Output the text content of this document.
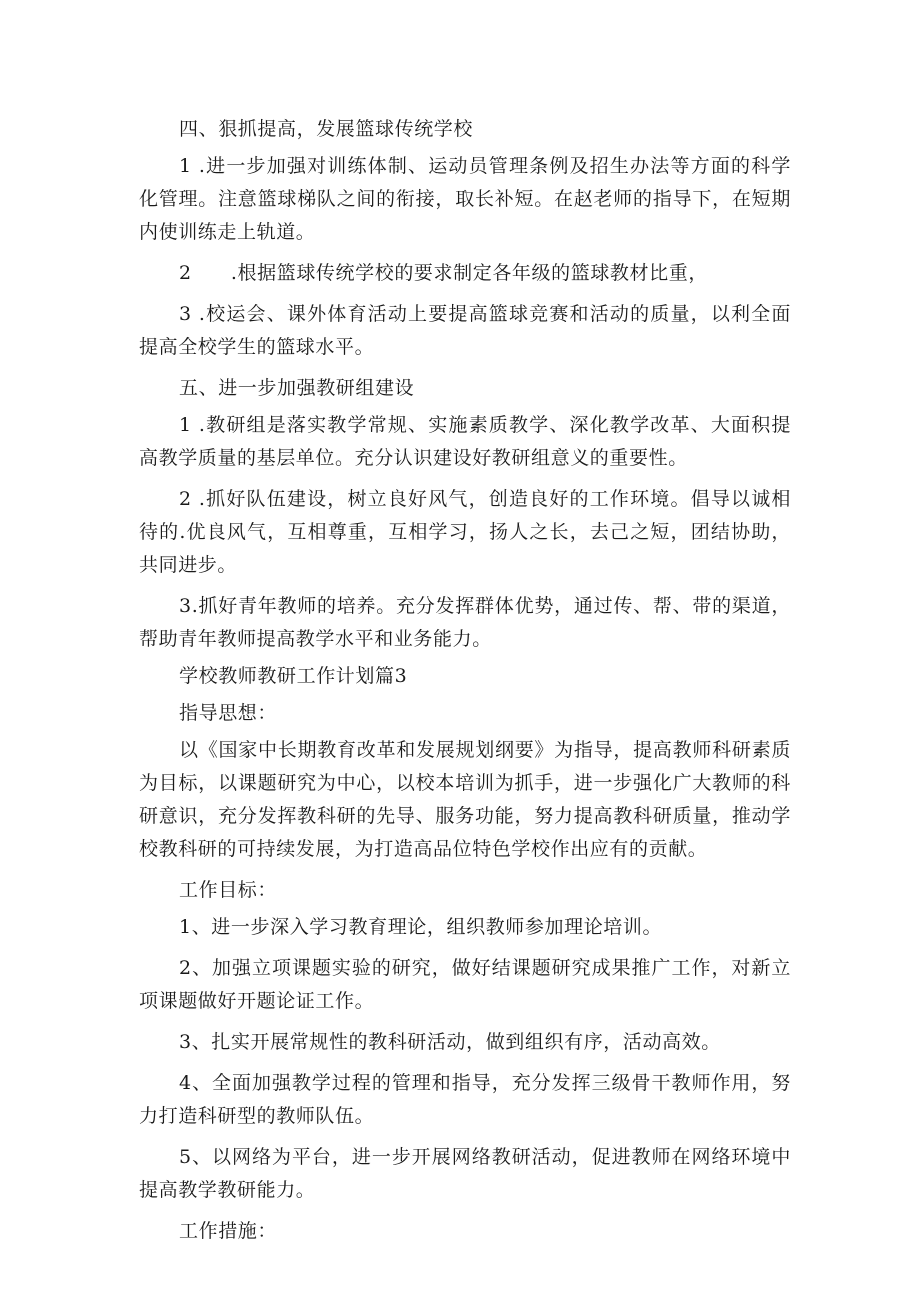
四、狠抓提高，发展篮球传统学校

1 .进一步加强对训练体制、运动员管理条例及招生办法等方面的科学化管理。注意篮球梯队之间的衔接，取长补短。在赵老师的指导下，在短期内使训练走上轨道。

2　　.根据篮球传统学校的要求制定各年级的篮球教材比重，

3 .校运会、课外体育活动上要提高篮球竞赛和活动的质量，以利全面提高全校学生的篮球水平。

五、进一步加强教研组建设

1 .教研组是落实教学常规、实施素质教学、深化教学改革、大面积提高教学质量的基层单位。充分认识建设好教研组意义的重要性。

2 .抓好队伍建设，树立良好风气，创造良好的工作环境。倡导以诚相待的.优良风气，互相尊重，互相学习，扬人之长，去己之短，团结协助，共同进步。

3.抓好青年教师的培养。充分发挥群体优势，通过传、帮、带的渠道，帮助青年教师提高教学水平和业务能力。

学校教师教研工作计划篇3

指导思想：

以《国家中长期教育改革和发展规划纲要》为指导，提高教师科研素质为目标，以课题研究为中心，以校本培训为抓手，进一步强化广大教师的科研意识，充分发挥教科研的先导、服务功能，努力提高教科研质量，推动学校教科研的可持续发展，为打造高品位特色学校作出应有的贡献。

工作目标：

1、进一步深入学习教育理论，组织教师参加理论培训。

2、加强立项课题实验的研究，做好结课题研究成果推广工作，对新立项课题做好开题论证工作。

3、扎实开展常规性的教科研活动，做到组织有序，活动高效。

4、全面加强教学过程的管理和指导，充分发挥三级骨干教师作用，努力打造科研型的教师队伍。

5、以网络为平台，进一步开展网络教研活动，促进教师在网络环境中提高教学教研能力。

工作措施：
